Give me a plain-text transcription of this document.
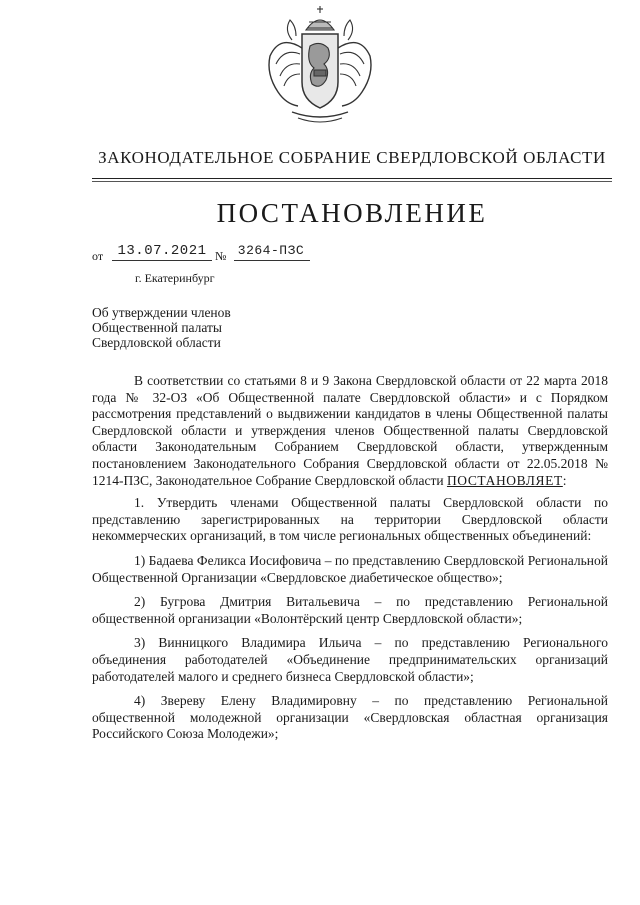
ЗАКОНОДАТЕЛЬНОЕ СОБРАНИЕ СВЕРДЛОВСКОЙ ОБЛАСТИ
ПОСТАНОВЛЕНИЕ
от	13.07.2021 № 3264-ПЗС
г. Екатеринбург
Об утверждении членов
Общественной палаты
Свердловской области

В соответствии со статьями 8 и 9 Закона Свердловской области от 22 марта 2018 года № 32-ОЗ «Об Общественной палате Свердловской области» и с Порядком рассмотрения представлений о выдвижении кандидатов в члены Общественной палаты Свердловской области и утверждения членов Общественной палаты Свердловской области Законодательным Собранием Свердловской области, утвержденным постановлением Законодательного Собрания Свердловской области от 22.05.2018 № 1214-ПЗС, Законодательное Собрание Свердловской области ПОСТАНОВЛЯЕТ:

1. Утвердить членами Общественной палаты Свердловской области по представлению зарегистрированных на территории Свердловской области некоммерческих организаций, в том числе региональных общественных объединений:

1) Бадаева Феликса Иосифовича – по представлению Свердловской Региональной Общественной Организации «Свердловское диабетическое общество»;

2) Бугрова Дмитрия Витальевича – по представлению Региональной общественной организации «Волонтёрский центр Свердловской области»;

3) Винницкого Владимира Ильича – по представлению Регионального объединения работодателей «Объединение предпринимательских организаций работодателей малого и среднего бизнеса Свердловской области»;

4) Звереву Елену Владимировну – по представлению Региональной общественной молодежной организации «Свердловская областная организация Российского Союза Молодежи»;
